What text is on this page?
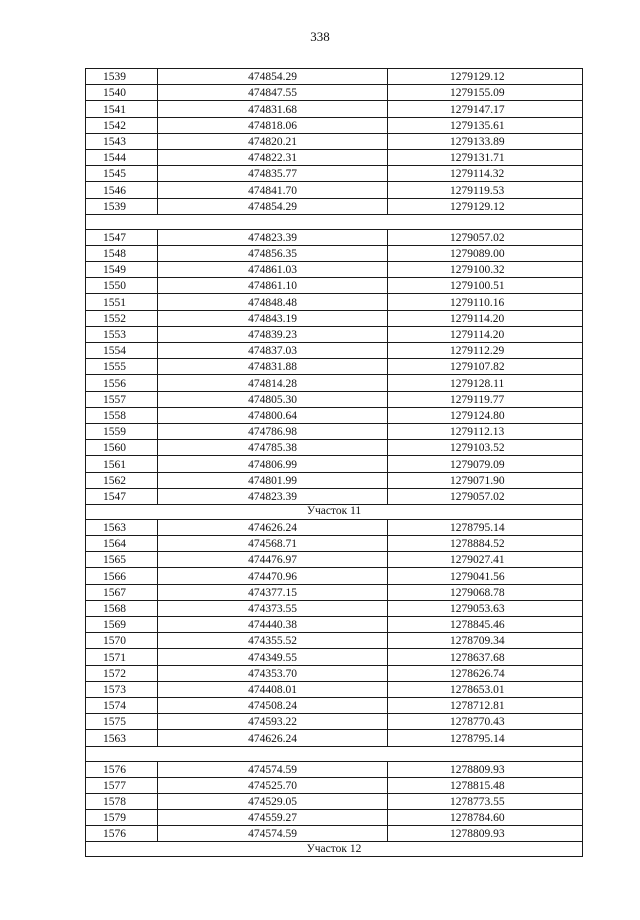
338
1539	474854.29	1279129.12
1540	474847.55	1279155.09
1541	474831.68	1279147.17
1542	474818.06	1279135.61
1543	474820.21	1279133.89
1544	474822.31	1279131.71
1545	474835.77	1279114.32
1546	474841.70	1279119.53
1539	474854.29	1279129.12

1547	474823.39	1279057.02
1548	474856.35	1279089.00
1549	474861.03	1279100.32
1550	474861.10	1279100.51
1551	474848.48	1279110.16
1552	474843.19	1279114.20
1553	474839.23	1279114.20
1554	474837.03	1279112.29
1555	474831.88	1279107.82
1556	474814.28	1279128.11
1557	474805.30	1279119.77
1558	474800.64	1279124.80
1559	474786.98	1279112.13
1560	474785.38	1279103.52
1561	474806.99	1279079.09
1562	474801.99	1279071.90
1547	474823.39	1279057.02
Участок 11		
1563	474626.24	1278795.14
1564	474568.71	1278884.52
1565	474476.97	1279027.41
1566	474470.96	1279041.56
1567	474377.15	1279068.78
1568	474373.55	1279053.63
1569	474440.38	1278845.46
1570	474355.52	1278709.34
1571	474349.55	1278637.68
1572	474353.70	1278626.74
1573	474408.01	1278653.01
1574	474508.24	1278712.81
1575	474593.22	1278770.43
1563	474626.24	1278795.14

1576	474574.59	1278809.93
1577	474525.70	1278815.48
1578	474529.05	1278773.55
1579	474559.27	1278784.60
1576	474574.59	1278809.93
Участок 12		
